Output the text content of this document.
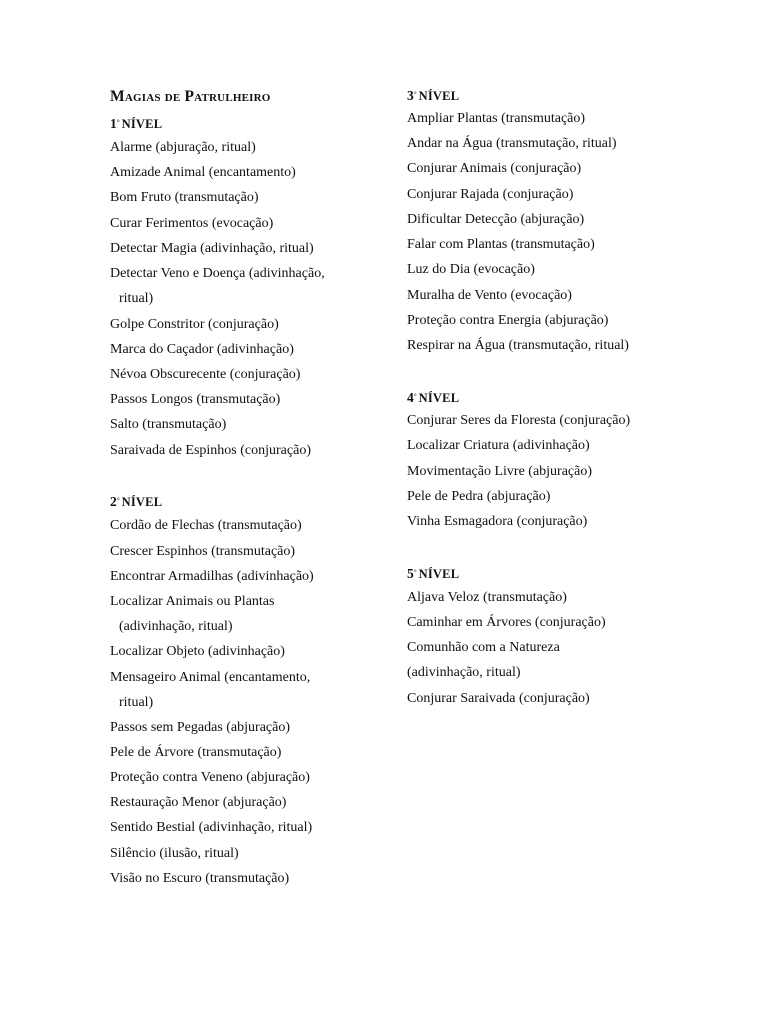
Magias de Patrulheiro
$1^º$ NÍVEL
Alarme (abjuração, ritual)
Amizade Animal (encantamento)
Bom Fruto (transmutação)
Curar Ferimentos (evocação)
Detectar Magia (adivinhação, ritual)
Detectar Veno e Doença (adivinhação,
ritual)
Golpe Constritor (conjuração)
Marca do Caçador (adivinhação)
Névoa Obscurecente (conjuração)
Passos Longos (transmutação)
Salto (transmutação)
Saraivada de Espinhos (conjuração)
$2^º$ NÍVEL
Cordão de Flechas (transmutação)
Crescer Espinhos (transmutação)
Encontrar Armadilhas (adivinhação)
Localizar Animais ou Plantas
(adivinhação, ritual)
Localizar Objeto (adivinhação)
Mensageiro Animal (encantamento,
ritual)
Passos sem Pegadas (abjuração)
Pele de Árvore (transmutação)
Proteção contra Veneno (abjuração)
Restauração Menor (abjuração)
Sentido Bestial (adivinhação, ritual)
Silêncio (ilusão, ritual)
Visão no Escuro (transmutação)
$3^º$ NÍVEL
Ampliar Plantas (transmutação)
Andar na Água (transmutação, ritual)
Conjurar Animais (conjuração)
Conjurar Rajada (conjuração)
Dificultar Detecção (abjuração)
Falar com Plantas (transmutação)
Luz do Dia (evocação)
Muralha de Vento (evocação)
Proteção contra Energia (abjuração)
Respirar na Água (transmutação, ritual)
$4^º$ NÍVEL
Conjurar Seres da Floresta (conjuração)
Localizar Criatura (adivinhação)
Movimentação Livre (abjuração)
Pele de Pedra (abjuração)
Vinha Esmagadora (conjuração)
$5^º$ NÍVEL
Aljava Veloz (transmutação)
Caminhar em Árvores (conjuração)
Comunhão com a Natureza
(adivinhação, ritual)
Conjurar Saraivada (conjuração)
